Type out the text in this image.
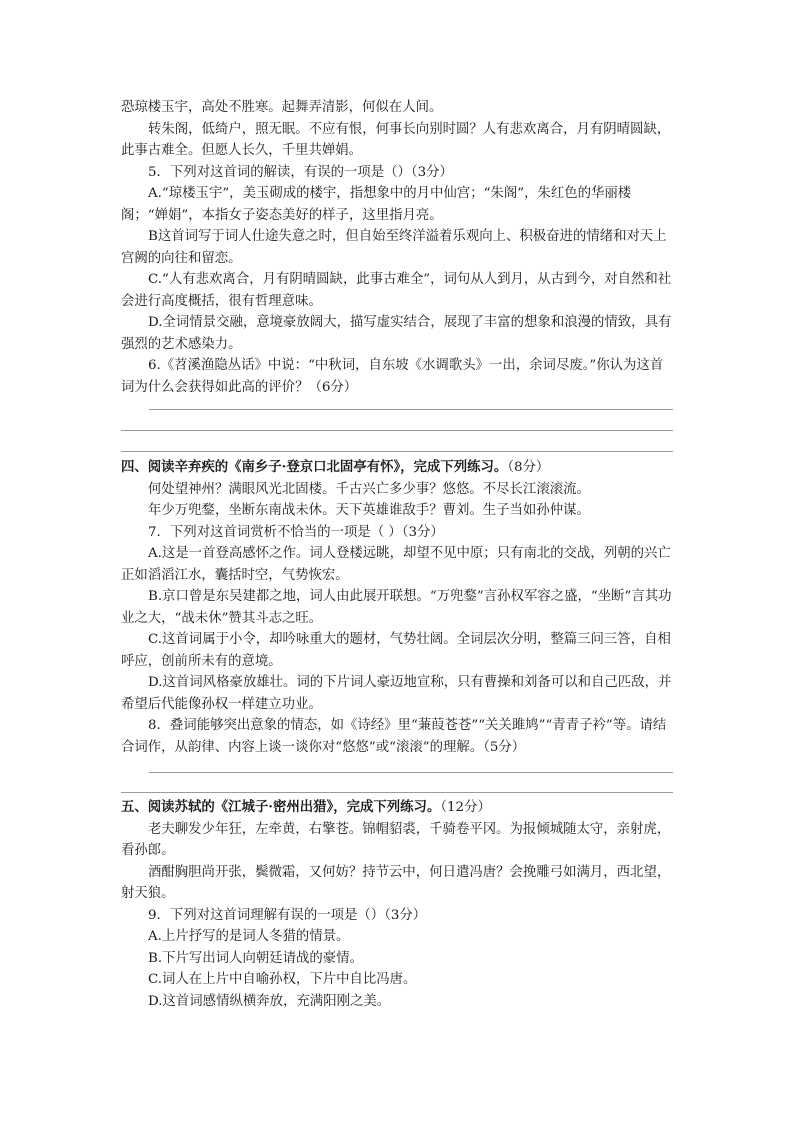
恐琼楼玉宇，高处不胜寒。起舞弄清影，何似在人间。

转朱阁，低绮户，照无眠。不应有恨，何事长向别时圆？人有悲欢离合，月有阴晴圆缺，此事古难全。但愿人长久，千里共婵娟。

5．下列对这首词的解读，有误的一项是（）（3分）

A.“琼楼玉宇”，美玉砌成的楼宇，指想象中的月中仙宫；“朱阁”，朱红色的华丽楼阁；“婵娟”，本指女子姿态美好的样子，这里指月亮。

B这首词写于词人仕途失意之时，但自始至终洋溢着乐观向上、积极奋进的情绪和对天上宫阙的向往和留恋。

C.“人有悲欢离合，月有阴晴圆缺，此事古难全”，词句从人到月，从古到今，对自然和社会进行高度概括，很有哲理意味。

D.全词情景交融，意境豪放阔大，描写虚实结合，展现了丰富的想象和浪漫的情致，具有强烈的艺术感染力。

6.《苕溪渔隐丛话》中说：“中秋词，自东坡《水调歌头》一出，余词尽废。”你认为这首词为什么会获得如此高的评价？（6分）

四、阅读辛弃疾的《南乡子·登京口北固亭有怀》，完成下列练习。（8分）

何处望神州？满眼风光北固楼。千古兴亡多少事？悠悠。不尽长江滚滚流。

年少万兜鍪，坐断东南战未休。天下英雄谁敌手？曹刘。生子当如孙仲谋。

7．下列对这首词赏析不恰当的一项是（ ）（3分）

A.这是一首登高感怀之作。词人登楼远眺，却望不见中原；只有南北的交战，列朝的兴亡正如滔滔江水，囊括时空，气势恢宏。

B.京口曾是东吴建都之地，词人由此展开联想。“万兜鍪”言孙权军容之盛，“坐断”言其功业之大，“战未休”赞其斗志之旺。

C.这首词属于小令，却吟咏重大的题材，气势壮阔。全词层次分明，整篇三问三答，自相呼应，创前所未有的意境。

D.这首词风格豪放雄壮。词的下片词人豪迈地宣称，只有曹操和刘备可以和自己匹敌，并希望后代能像孙权一样建立功业。

8．叠词能够突出意象的情态，如《诗经》里“蒹葭苍苍”“关关雎鸠”“青青子衿”等。请结合词作，从韵律、内容上谈一谈你对“悠悠”或“滚滚”的理解。（5分）

五、阅读苏轼的《江城子·密州出猎》，完成下列练习。（12分）

老夫聊发少年狂，左牵黄，右擎苍。锦帽貂裘，千骑卷平冈。为报倾城随太守，亲射虎，看孙郎。

酒酣胸胆尚开张，鬓微霜，又何妨？持节云中，何日遣冯唐？会挽雕弓如满月，西北望，射天狼。

9．下列对这首词理解有误的一项是（）（3分）

A.上片抒写的是词人冬猎的情景。

B.下片写出词人向朝廷请战的豪情。

C.词人在上片中自喻孙权，下片中自比冯唐。

D.这首词感情纵横奔放，充满阳刚之美。
